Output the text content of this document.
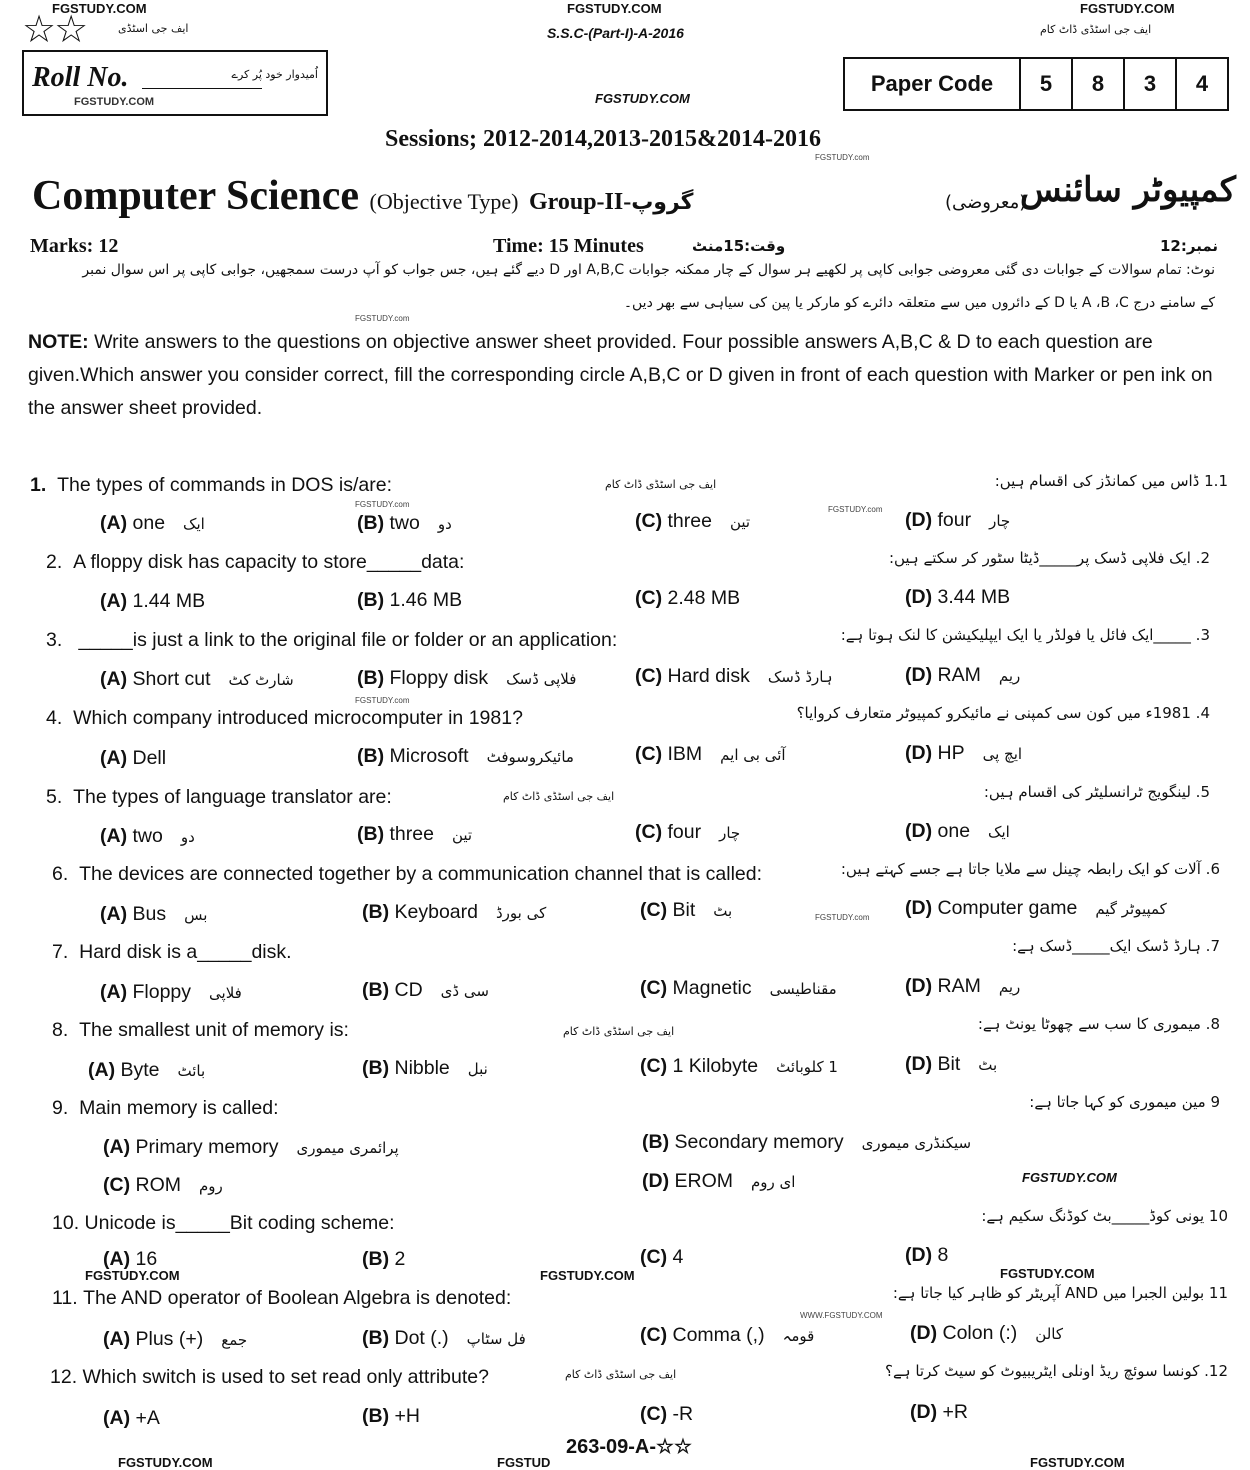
FGSTUDY.COM	FGSTUDY.COM	FGSTUDY.COM
☆☆	ایف جی اسٹڈی	S.S.C-(Part-I)-A-2016	ایف جی اسٹڈی ڈاٹ کام
Roll No.	اُمیدوار خود پُر کرے
FGSTUDY.COM	FGSTUDY.COM
Paper Code	5	8	3	4
Sessions; 2012-2014,2013-2015&2014-2016
FGSTUDY.com
Computer Science (Objective Type) Group-II-گروپ	(معروضی)
کمپیوٹر سائنس
Marks: 12	Time: 15 Minutes	وقت:15منٹ	نمبر:12
نوٹ: تمام سوالات کے جوابات دی گئی معروضی جوابی کاپی پر لکھیے ہر سوال کے چار ممکنہ جوابات A,B,C اور D دیے گئے ہیں، جس جواب کو آپ درست سمجھیں، جوابی کاپی پر اس سوال نمبر
کے سامنے درج A ،B ،C یا D کے دائروں میں سے متعلقہ دائرے کو مارکر یا پین کی سیاہی سے بھر دیں۔
FGSTUDY.com
NOTE: Write answers to the questions on objective answer sheet provided. Four possible answers A,B,C & D to each question are given.Which answer you consider correct, fill the corresponding circle A,B,C or D given in front of each question with Marker or pen ink on the answer sheet provided.
1. The types of commands in DOS is/are:	ایف جی اسٹڈی ڈاٹ کام	1.1 ڈاس میں کمانڈز کی اقسام ہیں:
FGSTUDY.com
FGSTUDY.com
(A) one ایک	(B) two دو	(C) three تین	(D) four چار
2. A floppy disk has capacity to store_____data:	2. ایک فلاپی ڈسک پر_____ڈیٹا سٹور کر سکتے ہیں:
(A) 1.44 MB	(B) 1.46 MB	(C) 2.48 MB	(D) 3.44 MB
3. _____is just a link to the original file or folder or an application:	3. _____ایک فائل یا فولڈر یا ایک ایپلیکیشن کا لنک ہوتا ہے:
(A) Short cut شارٹ کٹ	(B) Floppy disk فلاپی ڈسک	(C) Hard disk ہارڈ ڈسک	(D) RAM ریم
FGSTUDY.com
4. Which company introduced microcomputer in 1981?	4. 1981ء میں کون سی کمپنی نے مائیکرو کمپیوٹر متعارف کروایا؟
(A) Dell	(B) Microsoft مائیکروسوفٹ	(C) IBM آئی بی ایم	(D) HP ایچ پی
5. The types of language translator are:	ایف جی اسٹڈی ڈاٹ کام	5. لینگویج ٹرانسلیٹر کی اقسام ہیں:
(A) two دو	(B) three تین	(C) four چار	(D) one ایک
6. The devices are connected together by a communication channel that is called:	6. آلات کو ایک رابطہ چینل سے ملایا جاتا ہے جسے کہتے ہیں:
(A) Bus بس	(B) Keyboard کی بورڈ	(C) Bit بٹ	FGSTUDY.com (D) Computer game کمپیوٹر گیم
7. Hard disk is a_____disk.	7. ہارڈ ڈسک ایک_____ڈسک ہے:
(A) Floppy فلاپی	(B) CD سی ڈی	(C) Magnetic مقناطیسی	(D) RAM ریم
8. The smallest unit of memory is:	ایف جی اسٹڈی ڈاٹ کام	8. میموری کا سب سے چھوٹا یونٹ ہے:
(A) Byte بائٹ	(B) Nibble نبل	(C) 1 Kilobyte 1 کلوبائٹ	(D) Bit بٹ
9. Main memory is called:	9 مین میموری کو کہا جاتا ہے:
(A) Primary memory پرائمری میموری	(B) Secondary memory سیکنڈری میموری
(C) ROM روم	(D) EROM ای روم	FGSTUDY.COM
10. Unicode is_____Bit coding scheme:	10 یونی کوڈ_____بٹ کوڈنگ سکیم ہے:
(A) 16	(B) 2	(C) 4	(D) 8
FGSTUDY.COM	FGSTUDY.COM	FGSTUDY.COM
11. The AND operator of Boolean Algebra is denoted:	11 بولین الجبرا میں AND آپریٹر کو ظاہر کیا جاتا ہے:
WWW.FGSTUDY.COM
(A) Plus (+) جمع	(B) Dot (.) فل سٹاپ	(C) Comma (,) قومہ	(D) Colon (:) کالن
12. Which switch is used to set read only attribute?	ایف جی اسٹڈی ڈاٹ کام	12. کونسا سوئچ ریڈ اونلی ایٹریبیوٹ کو سیٹ کرتا ہے؟
(A) +A	(B) +H	(C) -R	(D) +R
263-09-A-☆☆
FGSTUDY.COM	FGSTUD	FGSTUDY.COM
